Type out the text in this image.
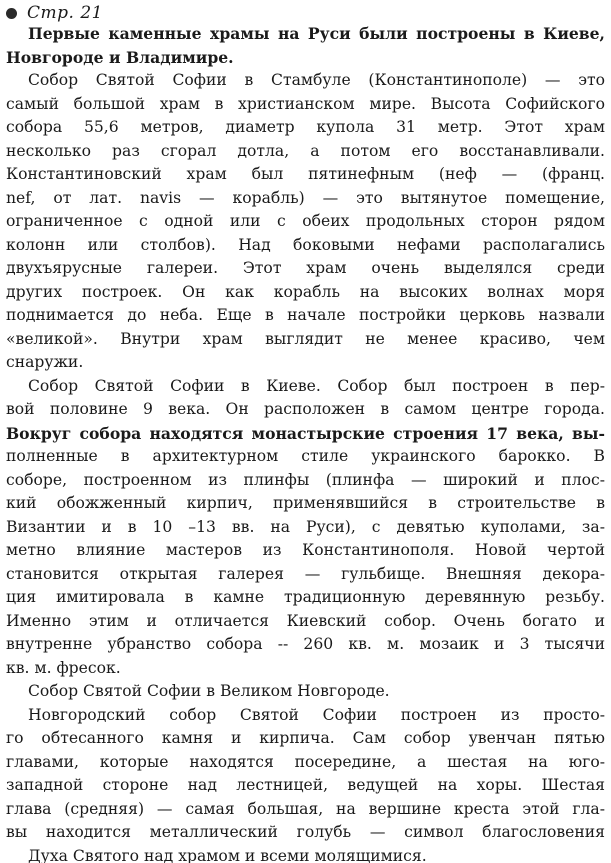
Стр. 21
Первые каменные храмы на Руси были построены в Киеве,
Новгороде и Владимире.
Собор Святой Софии в Стамбуле (Константинополе) — это
самый большой храм в христианском мире. Высота Софийского
собора 55,6 метров, диаметр купола 31 метр. Этот храм
несколько раз сгорал дотла, а потом его восстанавливали.
Константиновский храм был пятинефным (неф — (франц.
nef, от лат. navis — корабль) — это вытянутое помещение,
ограниченное с одной или с обеих продольных сторон рядом
колонн или столбов). Над боковыми нефами располагались
двухъярусные галереи. Этот храм очень выделялся среди
других построек. Он как корабль на высоких волнах моря
поднимается до неба. Еще в начале постройки церковь назвали
«великой». Внутри храм выглядит не менее красиво, чем
снаружи.
Собор Святой Софии в Киеве. Собор был построен в пер-
вой половине 9 века. Он расположен в самом центре города.
Вокруг собора находятся монастырские строения 17 века, вы-
полненные в архитектурном стиле украинского барокко. В
соборе, построенном из плинфы (плинфа — широкий и плос-
кий обожженный кирпич, применявшийся в строительстве в
Византии и в 10 –13 вв. на Руси), с девятью куполами, за-
метно влияние мастеров из Константинополя. Новой чертой
становится открытая галерея — гульбище. Внешняя декора-
ция имитировала в камне традиционную деревянную резьбу.
Именно этим и отличается Киевский собор. Очень богато и
внутренне убранство собора -- 260 кв. м. мозаик и 3 тысячи
кв. м. фресок.
Собор Святой Софии в Великом Новгороде.
Новгородский собор Святой Софии построен из просто-
го обтесанного камня и кирпича. Сам собор увенчан пятью
главами, которые находятся посередине, а шестая на юго-
западной стороне над лестницей, ведущей на хоры. Шестая
глава (средняя) — самая большая, на вершине креста этой гла-
вы находится металлический голубь — символ благословения
Духа Святого над храмом и всеми молящимися.
